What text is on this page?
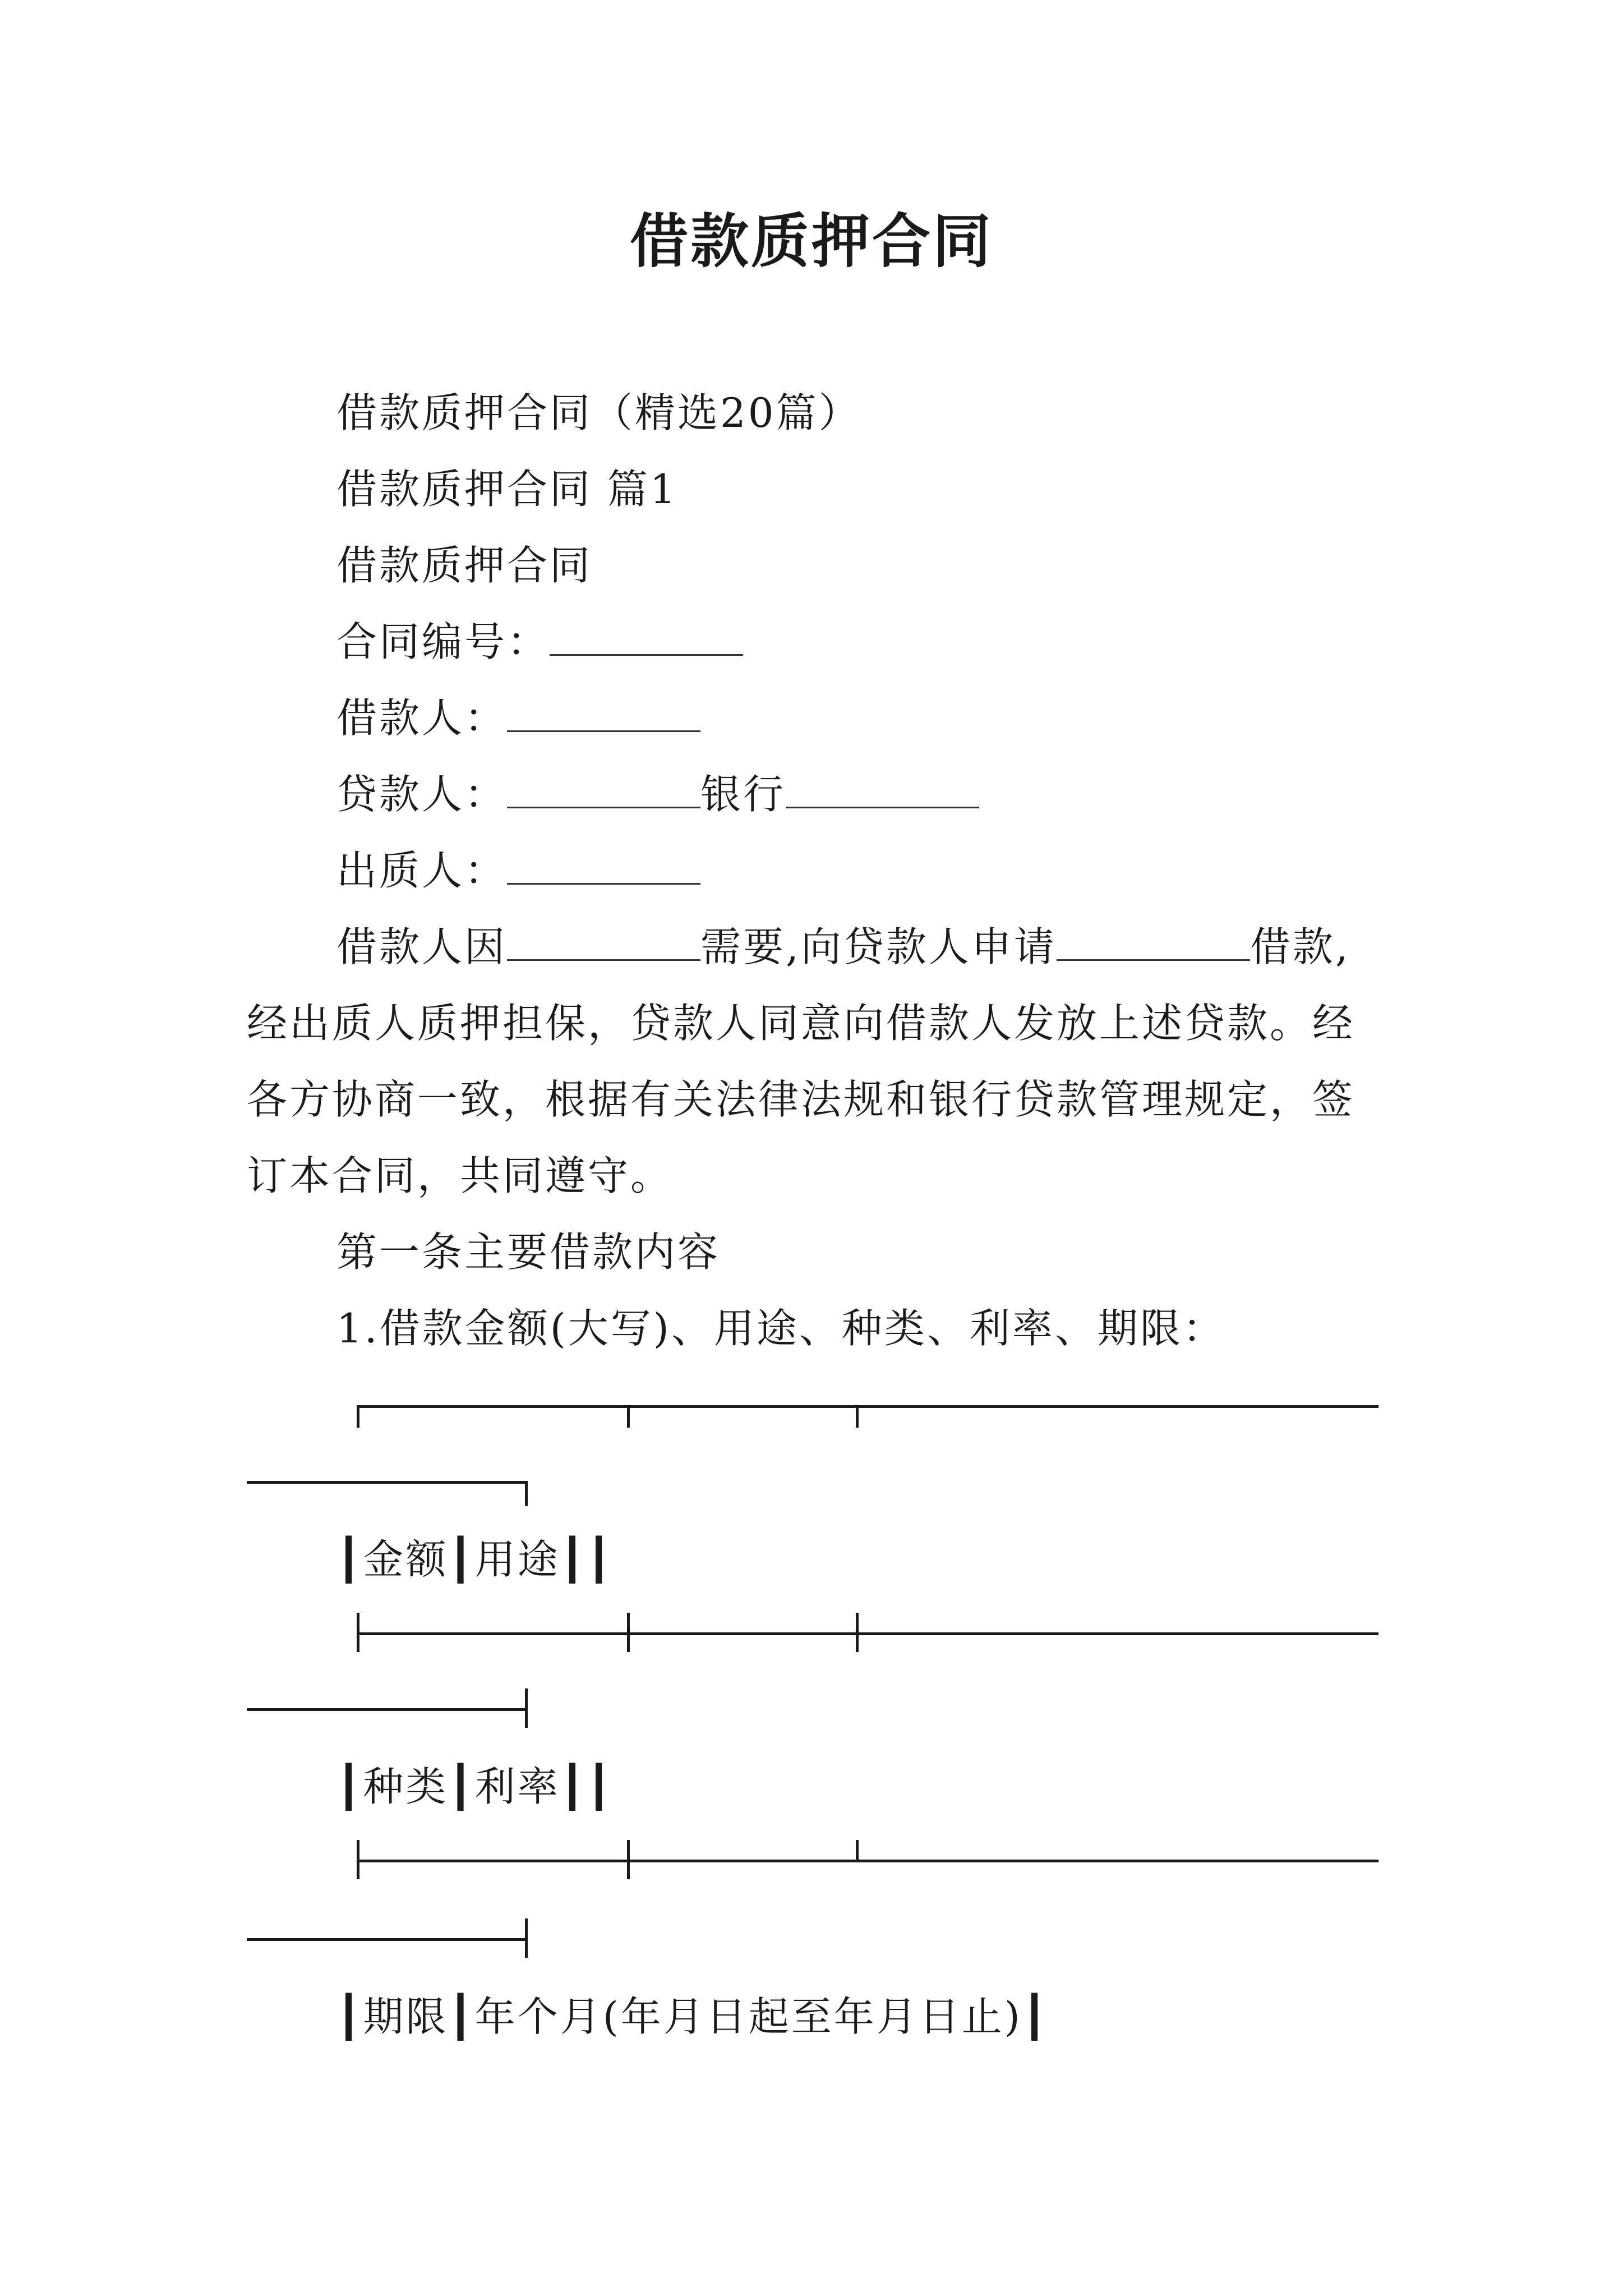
借款质押合同
借款质押合同（精选20篇）
借款质押合同 篇1
借款质押合同
合同编号：
借款人：
贷款人：	银行
出质人：
借款人因	需要,向贷款人申请	借款,
经出质人质押担保，贷款人同意向借款人发放上述贷款。经
各方协商一致，根据有关法律法规和银行贷款管理规定，签
订本合同，共同遵守。
第一条主要借款内容
1.借款金额(大写)、用途、种类、利率、期限：
┃金额┃用途┃┃
┃种类┃利率┃┃
┃期限┃年个月(年月日起至年月日止)┃
